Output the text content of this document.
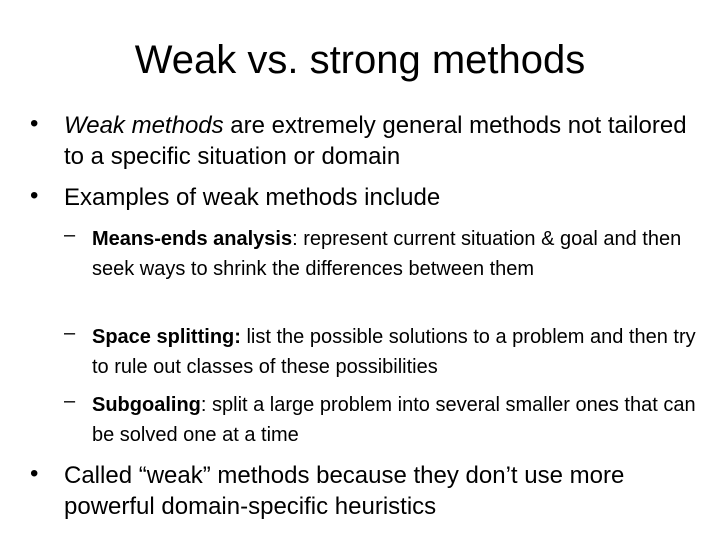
Weak vs. strong methods
•	Weak methods are extremely general methods not tailored to a specific situation or domain
•	Examples of weak methods include
– Means-ends analysis: represent current situation & goal and then seek ways to shrink the differences between them
– Space splitting: list the possible solutions to a problem and then try to rule out classes of these possibilities
– Subgoaling: split a large problem into several smaller ones that can be solved one at a time
•	Called “weak” methods because they don’t use more powerful domain-specific heuristics
